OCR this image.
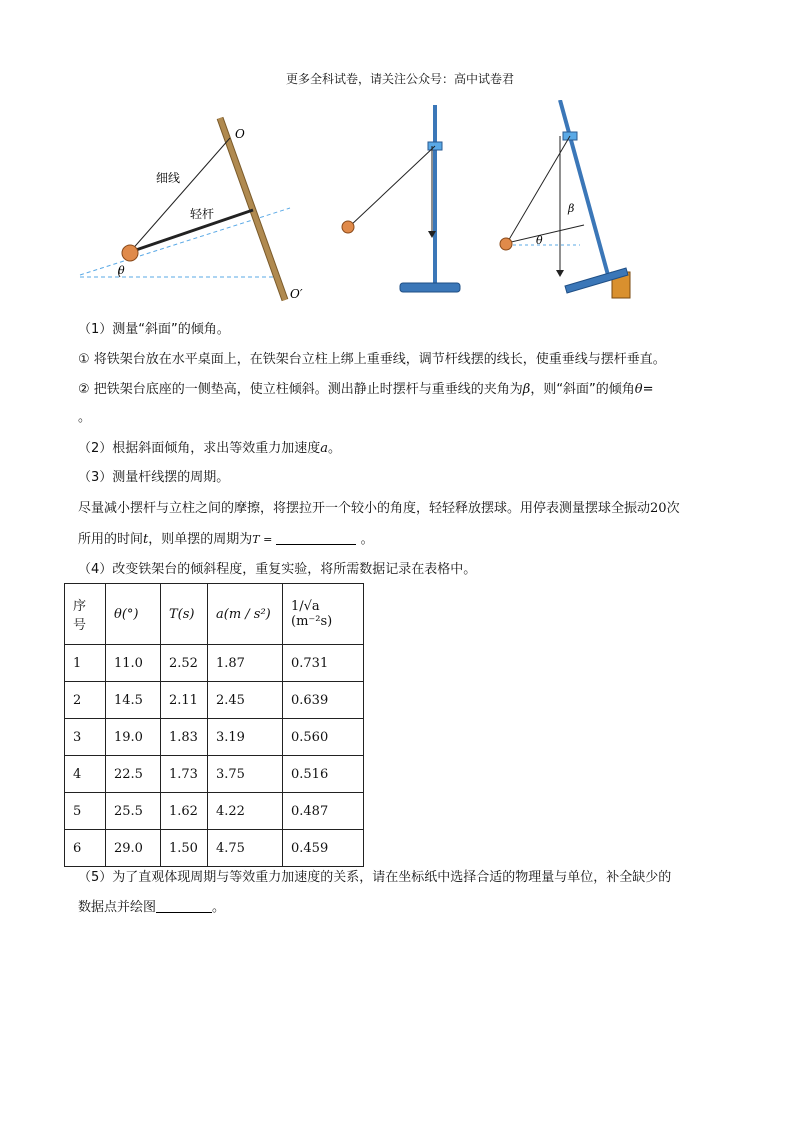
更多全科试卷，请关注公众号：高中试卷君
O
O′
细线
轻杆
θ
β
θ
（1）测量“斜面”的倾角。
① 将铁架台放在水平桌面上，在铁架台立柱上绑上重垂线，调节杆线摆的线长，使重垂线与摆杆垂直。
② 把铁架台底座的一侧垫高，使立柱倾斜。测出静止时摆杆与重垂线的夹角为β，则“斜面”的倾角θ=
。
（2）根据斜面倾角，求出等效重力加速度a。
（3）测量杆线摆的周期。
尽量减小摆杆与立柱之间的摩擦，将摆拉开一个较小的角度，轻轻释放摆球。用停表测量摆球全振动20次
所用的时间t，则单摆的周期为T =	。
（4）改变铁架台的倾斜程度，重复实验，将所需数据记录在表格中。
序号	θ(°)	T(s)	a(m / s²)	1/√a (m⁻²s)
1	11.0	2.52	1.87	0.731
2	14.5	2.11	2.45	0.639
3	19.0	1.83	3.19	0.560
4	22.5	1.73	3.75	0.516
5	25.5	1.62	4.22	0.487
6	29.0	1.50	4.75	0.459
（5）为了直观体现周期与等效重力加速度的关系，请在坐标纸中选择合适的物理量与单位，补全缺少的
数据点并绘图	。
